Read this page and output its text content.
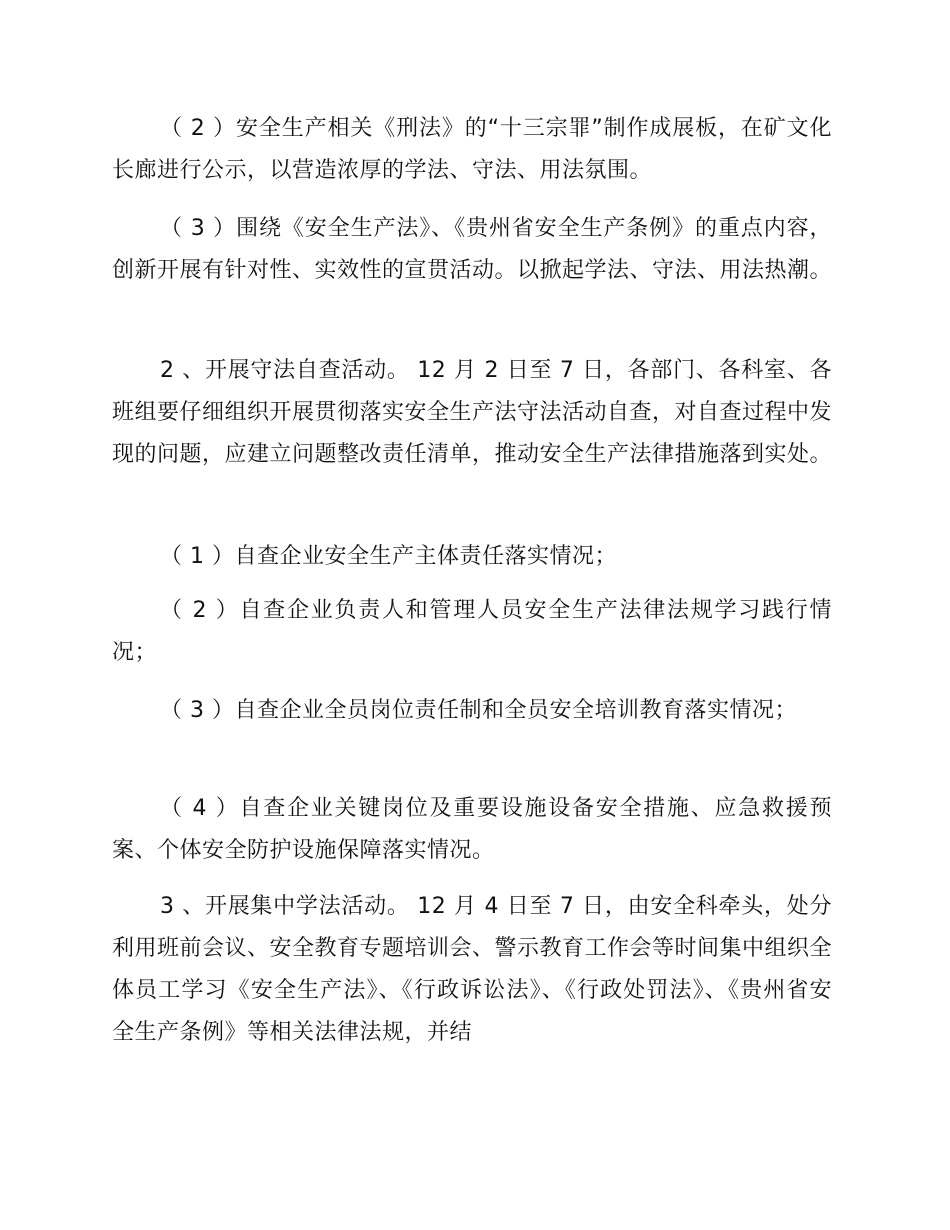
（ 2 ）安全生产相关《刑法》的“十三宗罪”制作成展板，在矿文化长廊进行公示，以营造浓厚的学法、守法、用法氛围。

（ 3 ）围绕《安全生产法》、《贵州省安全生产条例》的重点内容，创新开展有针对性、实效性的宣贯活动。以掀起学法、守法、用法热潮。

2 、开展守法自查活动。 12 月 2 日至 7 日，各部门、各科室、各班组要仔细组织开展贯彻落实安全生产法守法活动自查，对自查过程中发现的问题，应建立问题整改责任清单，推动安全生产法律措施落到实处。

（ 1 ）自查企业安全生产主体责任落实情况；

（ 2 ）自查企业负责人和管理人员安全生产法律法规学习践行情况；

（ 3 ）自查企业全员岗位责任制和全员安全培训教育落实情况；

（ 4 ）自查企业关键岗位及重要设施设备安全措施、应急救援预案、个体安全防护设施保障落实情况。

3 、开展集中学法活动。 12 月 4 日至 7 日，由安全科牵头，处分利用班前会议、安全教育专题培训会、警示教育工作会等时间集中组织全体员工学习《安全生产法》、《行政诉讼法》、《行政处罚法》、《贵州省安全生产条例》等相关法律法规，并结
